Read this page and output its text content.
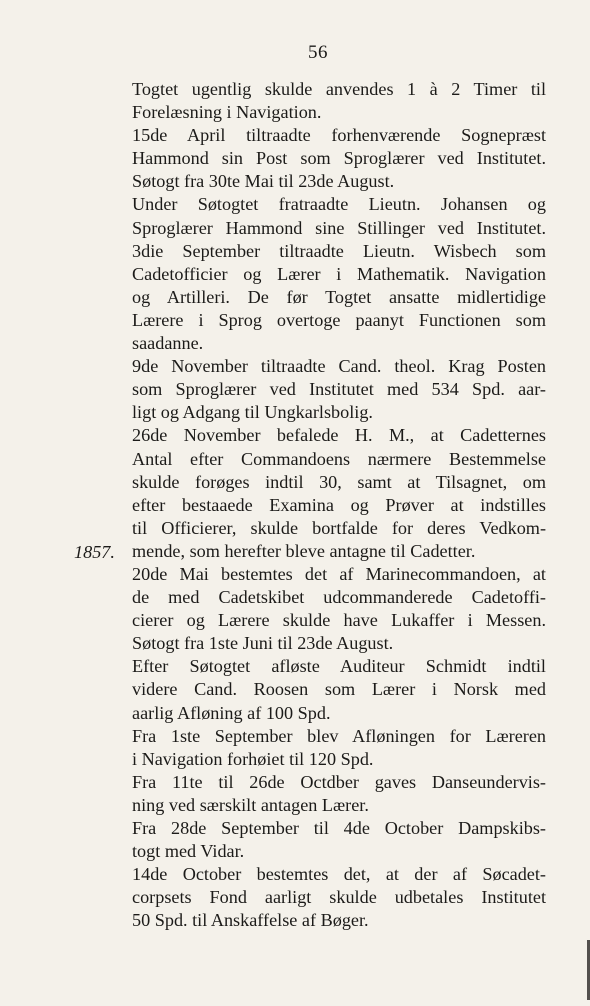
56
1857.
Togtet ugentlig skulde anvendes 1 à 2 Timer til
Forelæsning i Navigation.
15de April tiltraadte forhenværende Sognepræst
Hammond sin Post som Sproglærer ved Institutet.
Søtogt fra 30te Mai til 23de August.
Under Søtogtet fratraadte Lieutn. Johansen og
Sproglærer Hammond sine Stillinger ved Institutet.
3die September tiltraadte Lieutn. Wisbech som
Cadetofficier og Lærer i Mathematik. Navigation
og Artilleri. De før Togtet ansatte midlertidige
Lærere i Sprog overtoge paanyt Functionen som
saadanne.
9de November tiltraadte Cand. theol. Krag Posten
som Sproglærer ved Institutet med 534 Spd. aar-
ligt og Adgang til Ungkarlsbolig.
26de November befalede H. M., at Cadetternes
Antal efter Commandoens nærmere Bestemmelse
skulde forøges indtil 30, samt at Tilsagnet, om
efter bestaaede Examina og Prøver at indstilles
til Officierer, skulde bortfalde for deres Vedkom-
mende, som herefter bleve antagne til Cadetter.
20de Mai bestemtes det af Marinecommandoen, at
de med Cadetskibet udcommanderede Cadetoffi-
cierer og Lærere skulde have Lukaffer i Messen.
Søtogt fra 1ste Juni til 23de August.
Efter Søtogtet afløste Auditeur Schmidt indtil
videre Cand. Roosen som Lærer i Norsk med
aarlig Afløning af 100 Spd.
Fra 1ste September blev Afløningen for Læreren
i Navigation forhøiet til 120 Spd.
Fra 11te til 26de Octdber gaves Danseundervis-
ning ved særskilt antagen Lærer.
Fra 28de September til 4de October Dampskibs-
togt med Vidar.
14de October bestemtes det, at der af Søcadet-
corpsets Fond aarligt skulde udbetales Institutet
50 Spd. til Anskaffelse af Bøger.
